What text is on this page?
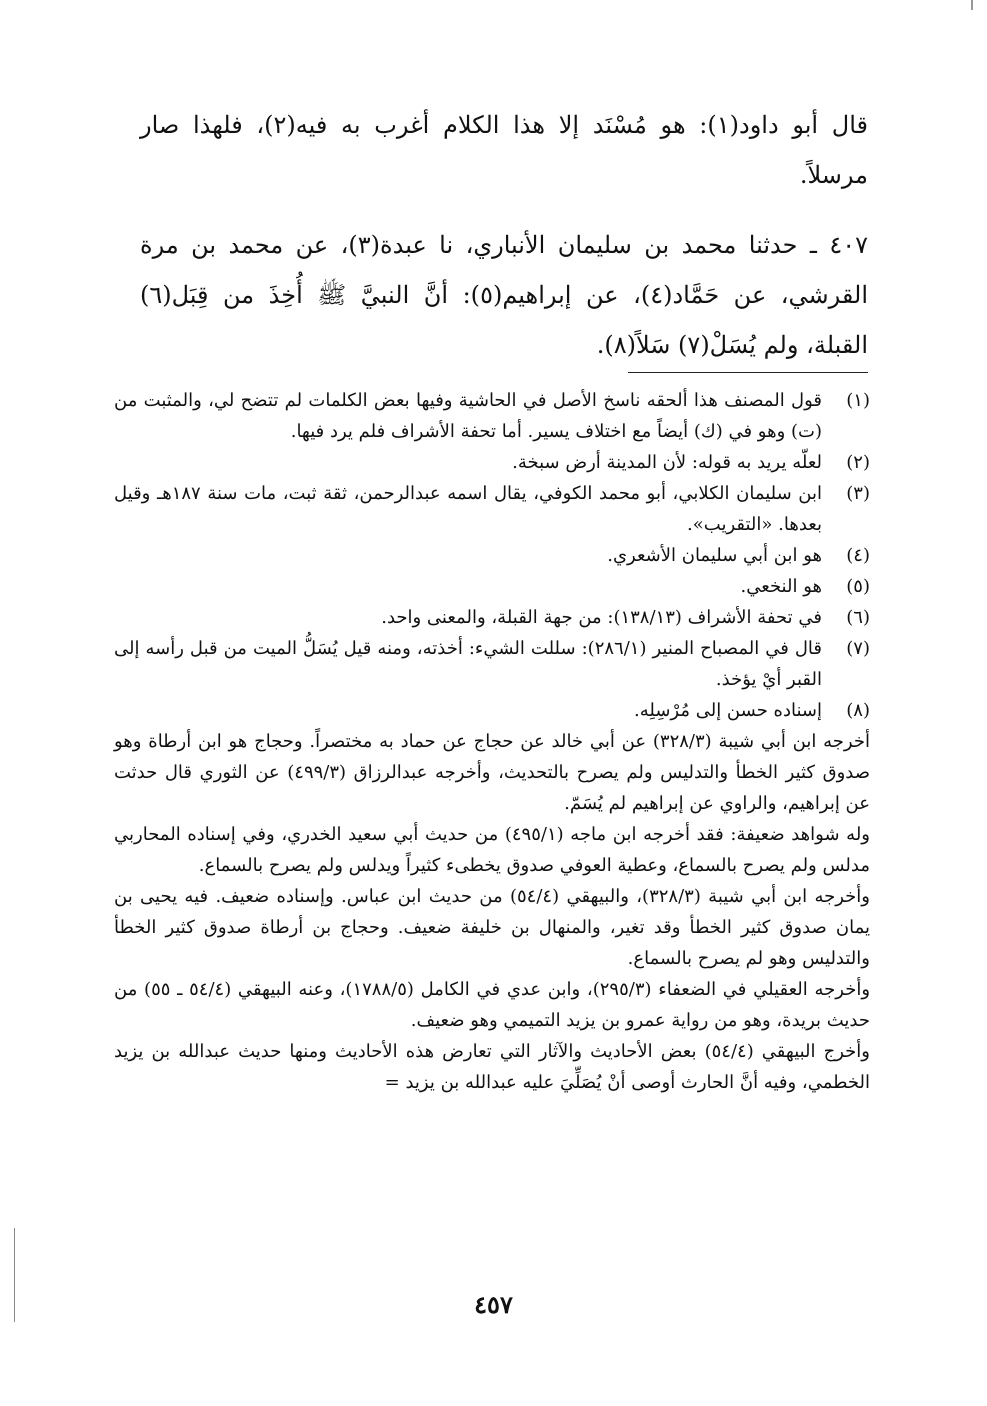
قال أبو داود(١): هو مُسْنَد إلا هذا الكلام أغرب به فيه(٢)، فلهذا صار مرسلاً.

٤٠٧ ـ حدثنا محمد بن سليمان الأنباري، نا عبدة(٣)، عن محمد بن مرة القرشي، عن حَمَّاد(٤)، عن إبراهيم(٥): أنَّ النبيَّ ﷺ أُخِذَ من قِبَل(٦) القبلة، ولم يُسَلْ(٧) سَلاً(٨).

(١)
قول المصنف هذا ألحقه ناسخ الأصل في الحاشية وفيها بعض الكلمات لم تتضح لي، والمثبت من (ت) وهو في (ك) أيضاً مع اختلاف يسير. أما تحفة الأشراف فلم يرد فيها.
(٢)
لعلّه يريد به قوله: لأن المدينة أرض سبخة.
(٣)
ابن سليمان الكلابي، أبو محمد الكوفي، يقال اسمه عبدالرحمن، ثقة ثبت، مات سنة ١٨٧هـ وقيل بعدها. «التقريب».
(٤)
هو ابن أبي سليمان الأشعري.
(٥)
هو النخعي.
(٦)
في تحفة الأشراف (١٣٨/١٣): من جهة القبلة، والمعنى واحد.
(٧)
قال في المصباح المنير (٢٨٦/١): سللت الشيء: أخذته، ومنه قيل يُسَلُّ الميت من قبل رأسه إلى القبر أيْ يؤخذ.
(٨)
إسناده حسن إلى مُرْسِلِه.

أخرجه ابن أبي شيبة (٣٢٨/٣) عن أبي خالد عن حجاج عن حماد به مختصراً. وحجاج هو ابن أرطاة وهو صدوق كثير الخطأ والتدليس ولم يصرح بالتحديث، وأخرجه عبدالرزاق (٤٩٩/٣) عن الثوري قال حدثت عن إبراهيم، والراوي عن إبراهيم لم يُسَمّ.

وله شواهد ضعيفة: فقد أخرجه ابن ماجه (٤٩٥/١) من حديث أبي سعيد الخدري، وفي إسناده المحاربي مدلس ولم يصرح بالسماع، وعطية العوفي صدوق يخطىء كثيراً ويدلس ولم يصرح بالسماع.

وأخرجه ابن أبي شيبة (٣٢٨/٣)، والبيهقي (٥٤/٤) من حديث ابن عباس. وإسناده ضعيف. فيه يحيى بن يمان صدوق كثير الخطأ وقد تغير، والمنهال بن خليفة ضعيف. وحجاج بن أرطاة صدوق كثير الخطأ والتدليس وهو لم يصرح بالسماع.

وأخرجه العقيلي في الضعفاء (٢٩٥/٣)، وابن عدي في الكامل (١٧٨٨/٥)، وعنه البيهقي (٥٤/٤ ـ ٥٥) من حديث بريدة، وهو من رواية عمرو بن يزيد التميمي وهو ضعيف.

وأخرج البيهقي (٥٤/٤) بعض الأحاديث والآثار التي تعارض هذه الأحاديث ومنها حديث عبدالله بن يزيد الخطمي، وفيه أنَّ الحارث أوصى أنْ يُصَلِّيَ عليه عبدالله بن يزيد =

٤٥٧
